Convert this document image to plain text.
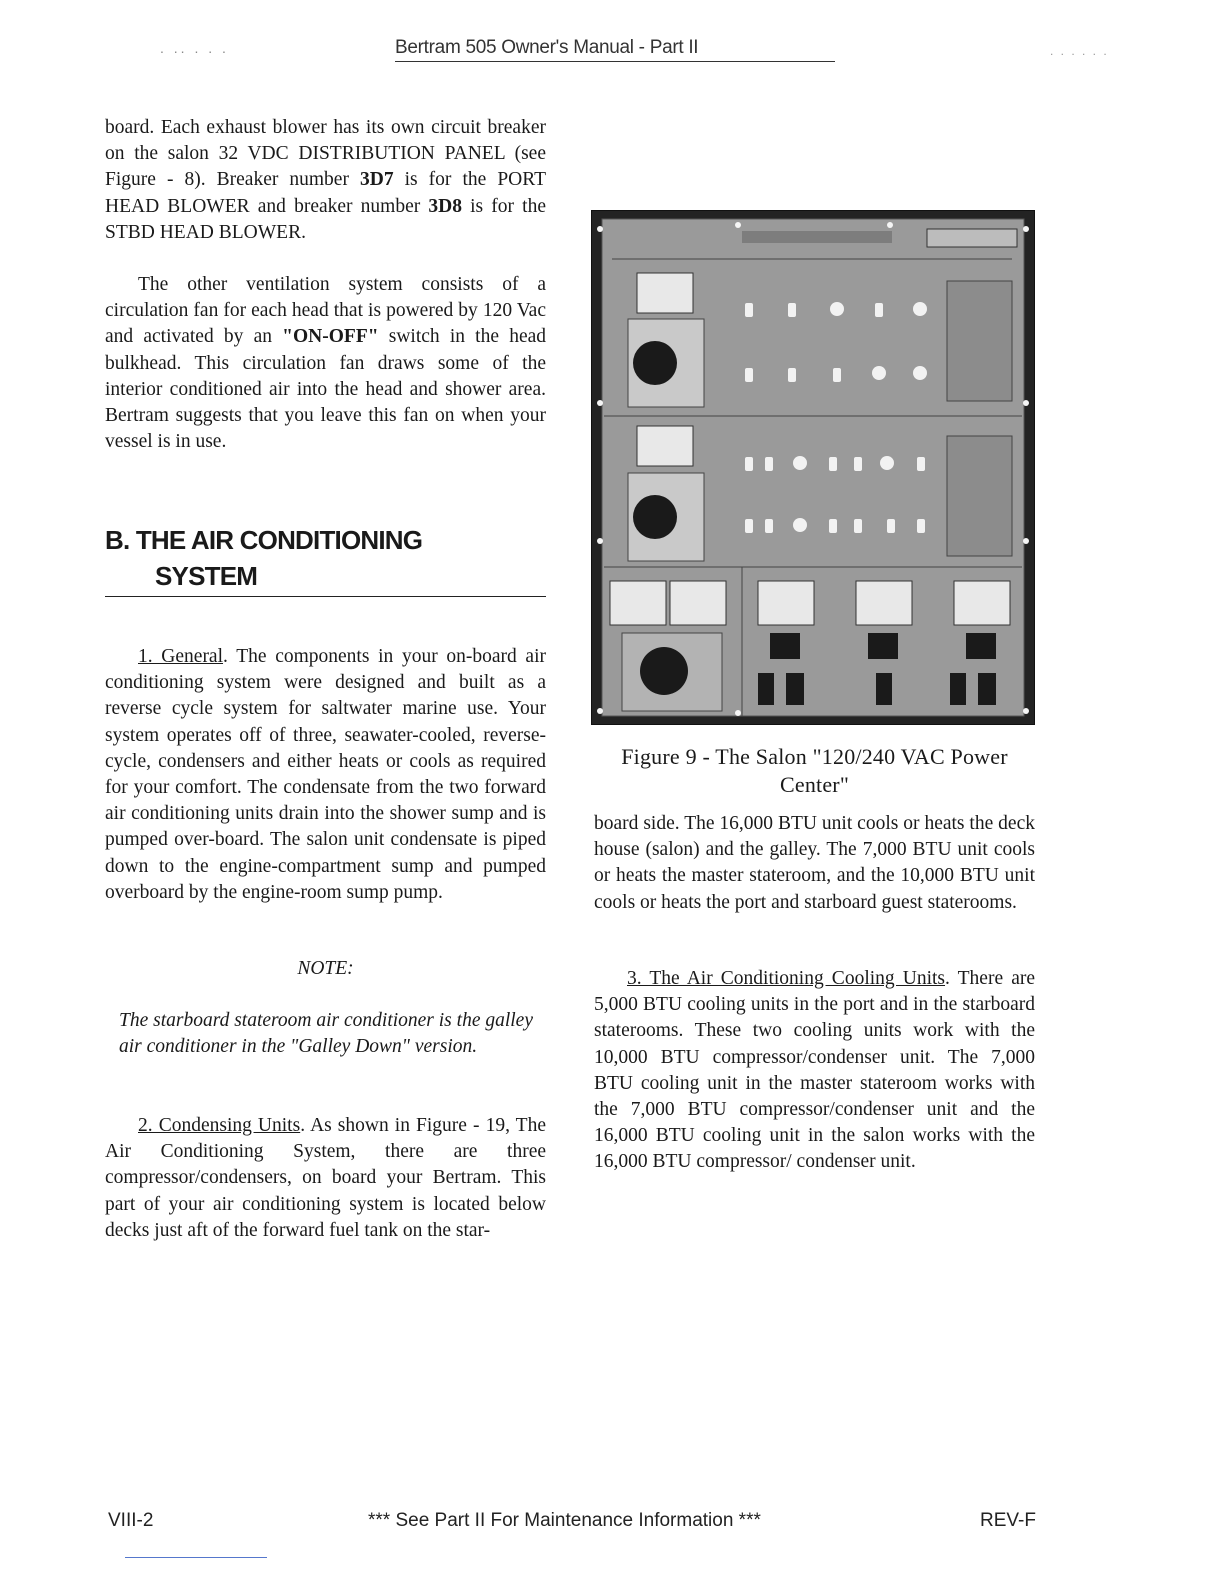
. .. . . .	Bertram 505 Owner's Manual - Part II	. . . . . .

board. Each exhaust blower has its own circuit breaker on the salon 32 VDC DISTRIBUTION PANEL (see Figure - 8). Breaker number 3D7 is for the PORT HEAD BLOWER and breaker number 3D8 is for the STBD HEAD BLOWER.

The other ventilation system consists of a circulation fan for each head that is powered by 120 Vac and activated by an "ON-OFF" switch in the head bulkhead. This circulation fan draws some of the interior conditioned air into the head and shower area. Bertram suggests that you leave this fan on when your vessel is in use.

B. THE AIR CONDITIONING
SYSTEM

1. General. The components in your on-board air conditioning system were designed and built as a reverse cycle system for saltwater marine use. Your system operates off of three, seawater-cooled, reverse-cycle, condensers and either heats or cools as required for your comfort. The condensate from the two forward air conditioning units drain into the shower sump and is pumped over-board. The salon unit condensate is piped down to the engine-compartment sump and pumped overboard by the engine-room sump pump.

NOTE:

The starboard stateroom air conditioner is the galley air conditioner in the "Galley Down" version.

2. Condensing Units. As shown in Figure - 19, The Air Conditioning System, there are three compressor/condensers, on board your Bertram. This part of your air conditioning system is located below decks just aft of the forward fuel tank on the star-

Figure 9 - The Salon "120/240 VAC Power Center"

board side. The 16,000 BTU unit cools or heats the deck house (salon) and the galley. The 7,000 BTU unit cools or heats the master stateroom, and the 10,000 BTU unit cools or heats the port and starboard guest staterooms.

3. The Air Conditioning Cooling Units. There are 5,000 BTU cooling units in the port and in the starboard staterooms. These two cooling units work with the 10,000 BTU compressor/condenser unit. The 7,000 BTU cooling unit in the master stateroom works with the 7,000 BTU compressor/condenser unit and the 16,000 BTU cooling unit in the salon works with the 16,000 BTU compressor/ condenser unit.

VIII-2	*** See Part II For Maintenance Information ***	REV-F
